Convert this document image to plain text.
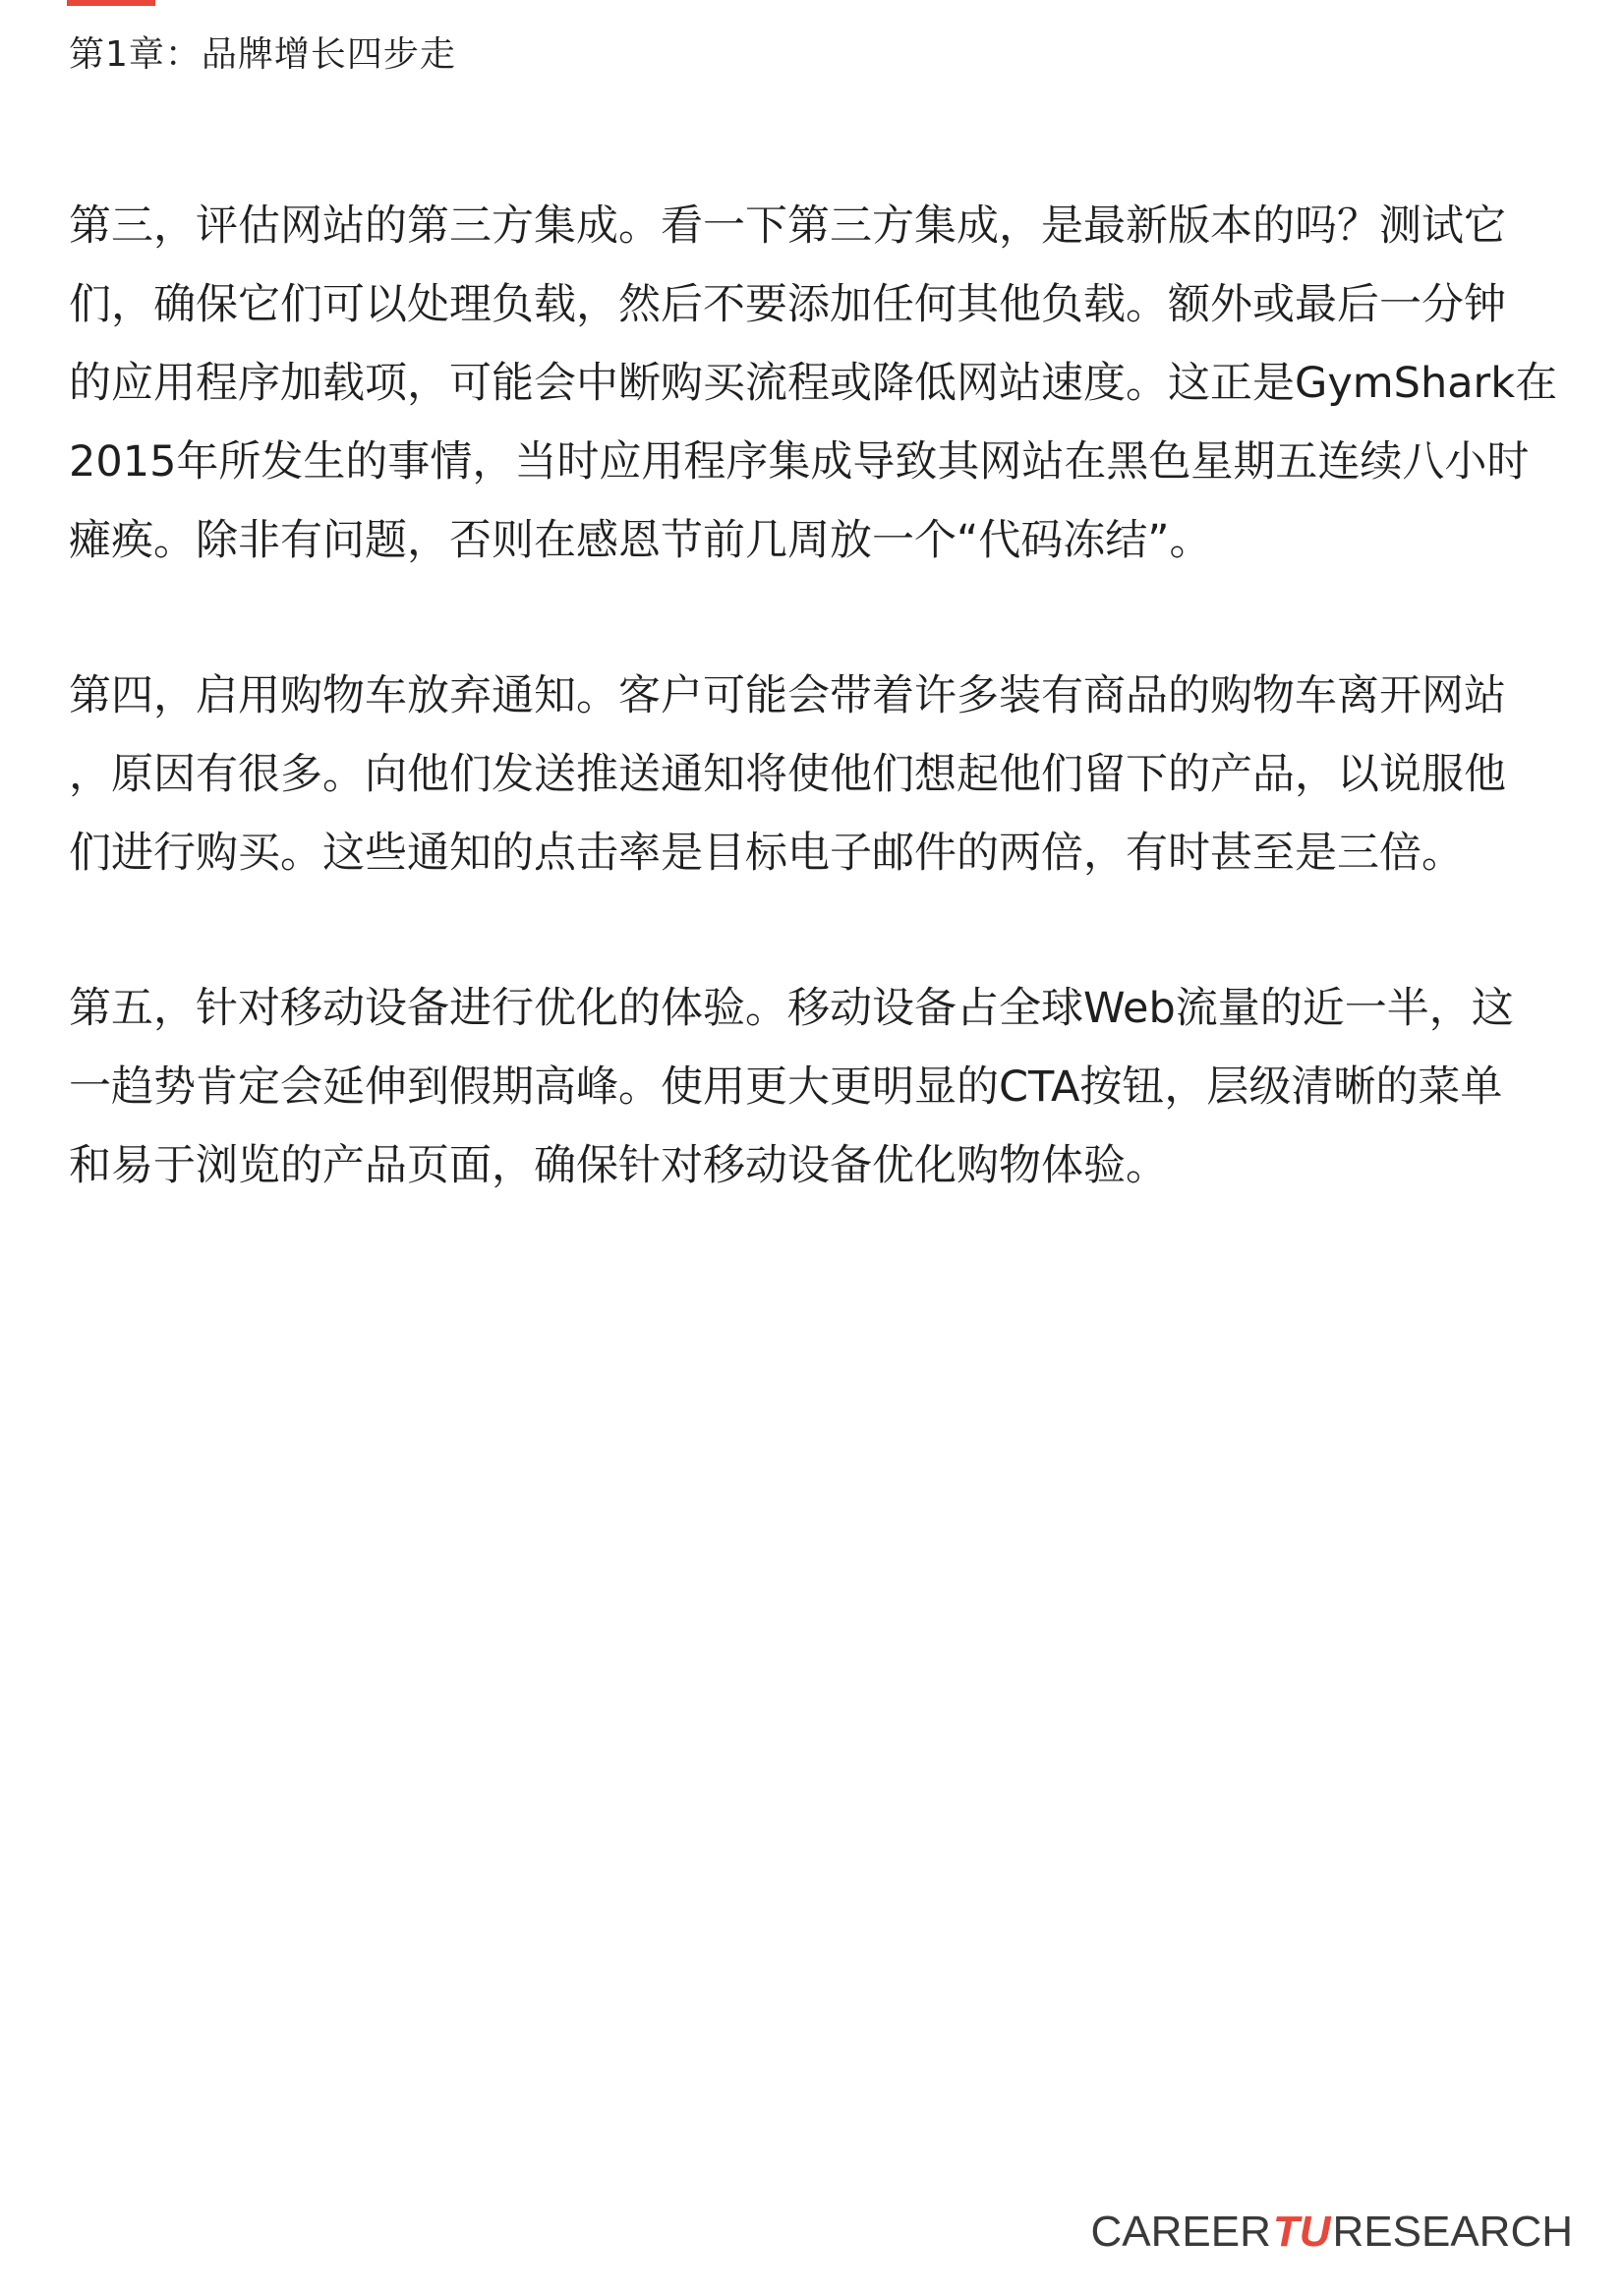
第1章：品牌增长四步走

第三，评估网站的第三方集成。看一下第三方集成，是最新版本的吗？测试它
们，确保它们可以处理负载，然后不要添加任何其他负载。额外或最后一分钟
的应用程序加载项，可能会中断购买流程或降低网站速度。这正是GymShark在
2015年所发生的事情，当时应用程序集成导致其网站在黑色星期五连续八小时
瘫痪。除非有问题，否则在感恩节前几周放一个“代码冻结”。

第四，启用购物车放弃通知。客户可能会带着许多装有商品的购物车离开网站
，原因有很多。向他们发送推送通知将使他们想起他们留下的产品，以说服他
们进行购买。这些通知的点击率是目标电子邮件的两倍，有时甚至是三倍。

第五，针对移动设备进行优化的体验。移动设备占全球Web流量的近一半，这
一趋势肯定会延伸到假期高峰。使用更大更明显的CTA按钮，层级清晰的菜单
和易于浏览的产品页面，确保针对移动设备优化购物体验。

CAREER TU RESEARCH
